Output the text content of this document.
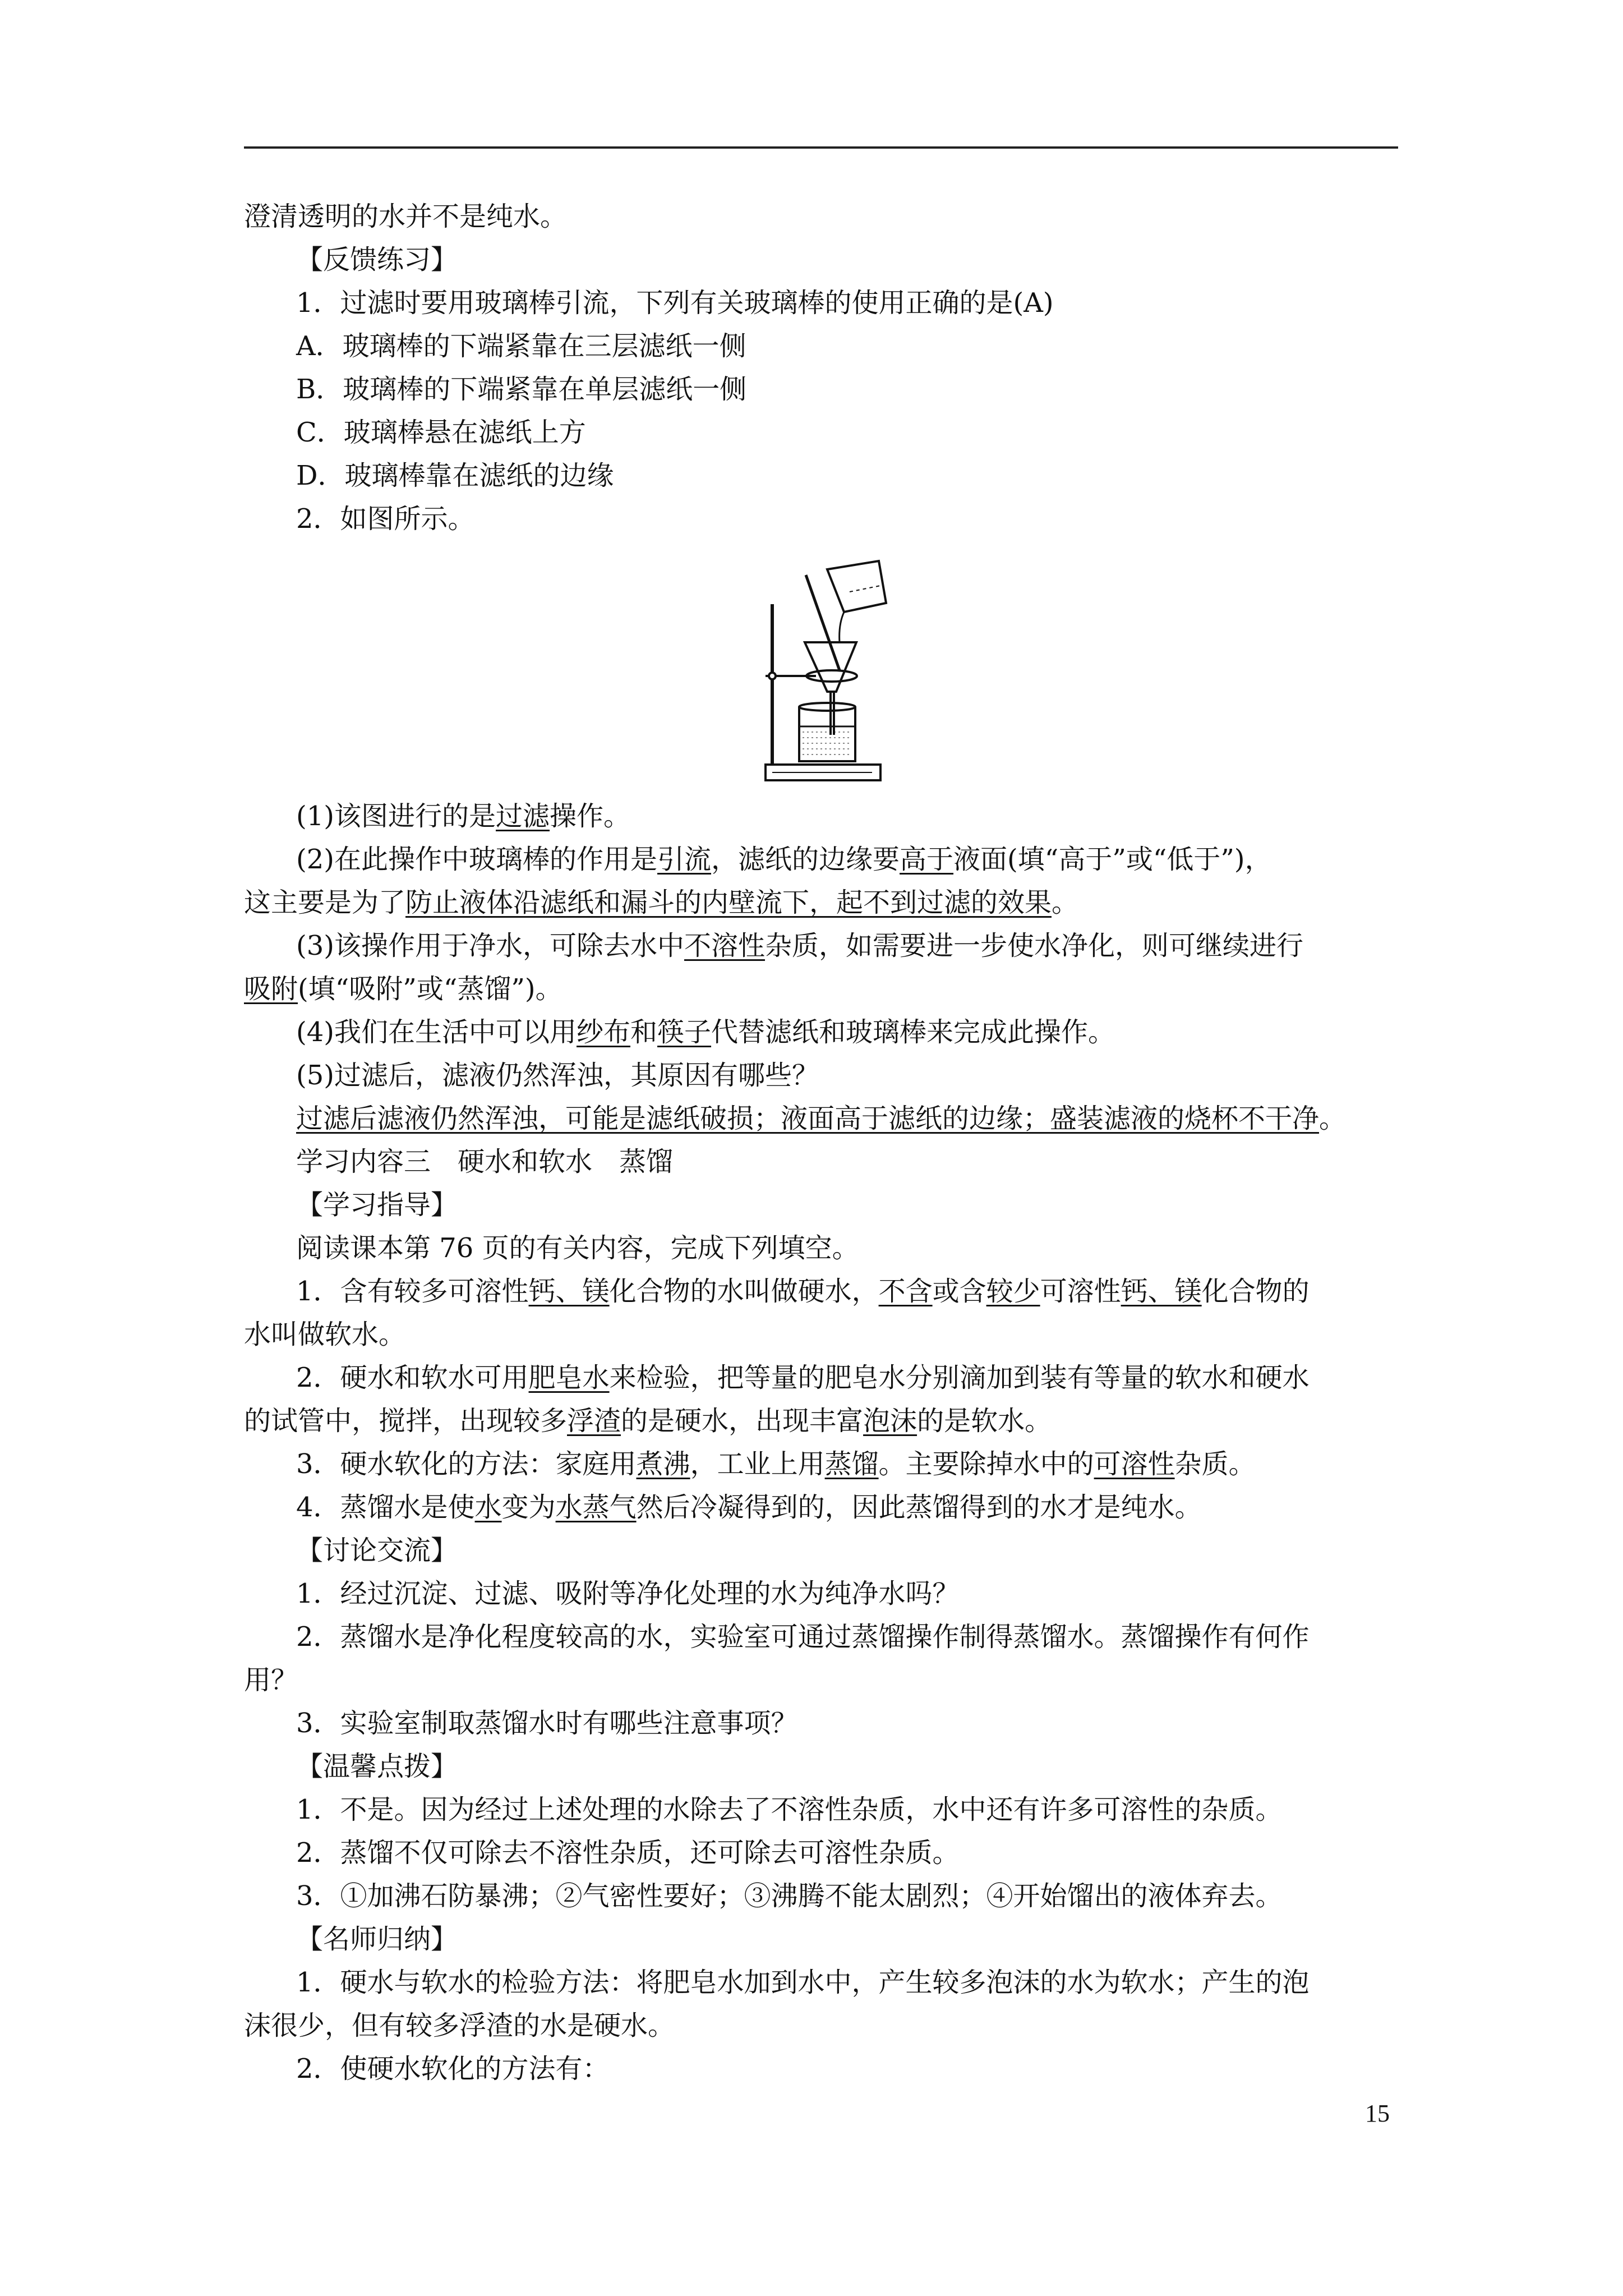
澄清透明的水并不是纯水。
【反馈练习】
1．过滤时要用玻璃棒引流，下列有关玻璃棒的使用正确的是(A)
A．玻璃棒的下端紧靠在三层滤纸一侧
B．玻璃棒的下端紧靠在单层滤纸一侧
C．玻璃棒悬在滤纸上方
D．玻璃棒靠在滤纸的边缘
2．如图所示。
(1)该图进行的是过滤操作。
(2)在此操作中玻璃棒的作用是引流，滤纸的边缘要高于液面(填“高于”或“低于”)，
这主要是为了防止液体沿滤纸和漏斗的内壁流下，起不到过滤的效果。
(3)该操作用于净水，可除去水中不溶性杂质，如需要进一步使水净化，则可继续进行
吸附(填“吸附”或“蒸馏”)。
(4)我们在生活中可以用纱布和筷子代替滤纸和玻璃棒来完成此操作。
(5)过滤后，滤液仍然浑浊，其原因有哪些？
过滤后滤液仍然浑浊，可能是滤纸破损；液面高于滤纸的边缘；盛装滤液的烧杯不干净。
学习内容三　硬水和软水　蒸馏
【学习指导】
阅读课本第 76 页的有关内容，完成下列填空。
1．含有较多可溶性钙、镁化合物的水叫做硬水，不含或含较少可溶性钙、镁化合物的
水叫做软水。
2．硬水和软水可用肥皂水来检验，把等量的肥皂水分别滴加到装有等量的软水和硬水
的试管中，搅拌，出现较多浮渣的是硬水，出现丰富泡沫的是软水。
3．硬水软化的方法：家庭用煮沸，工业上用蒸馏。主要除掉水中的可溶性杂质。
4．蒸馏水是使水变为水蒸气然后冷凝得到的，因此蒸馏得到的水才是纯水。
【讨论交流】
1．经过沉淀、过滤、吸附等净化处理的水为纯净水吗？
2．蒸馏水是净化程度较高的水，实验室可通过蒸馏操作制得蒸馏水。蒸馏操作有何作
用？
3．实验室制取蒸馏水时有哪些注意事项？
【温馨点拨】
1．不是。因为经过上述处理的水除去了不溶性杂质，水中还有许多可溶性的杂质。
2．蒸馏不仅可除去不溶性杂质，还可除去可溶性杂质。
3．①加沸石防暴沸；②气密性要好；③沸腾不能太剧烈；④开始馏出的液体弃去。
【名师归纳】
1．硬水与软水的检验方法：将肥皂水加到水中，产生较多泡沫的水为软水；产生的泡
沫很少，但有较多浮渣的水是硬水。
2．使硬水软化的方法有：
15
